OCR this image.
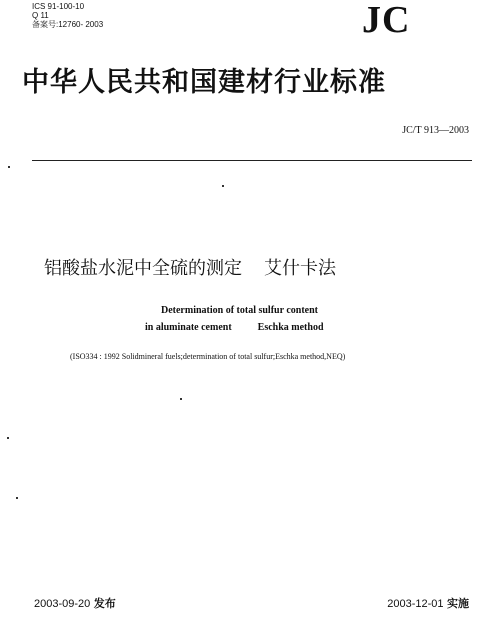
ICS 91-100-10
Q 11
备案号:12760- 2003	JC
中华人民共和国建材行业标准
JC/T 913—2003
铝酸盐水泥中全硫的测定 艾什卡法
Determination of total sulfur content
in aluminate cement	Eschka method
(ISO334 : 1992 Solidmineral fuels;determination of total sulfur;Eschka method,NEQ)
2003-09-20 发布	2003-12-01 实施
